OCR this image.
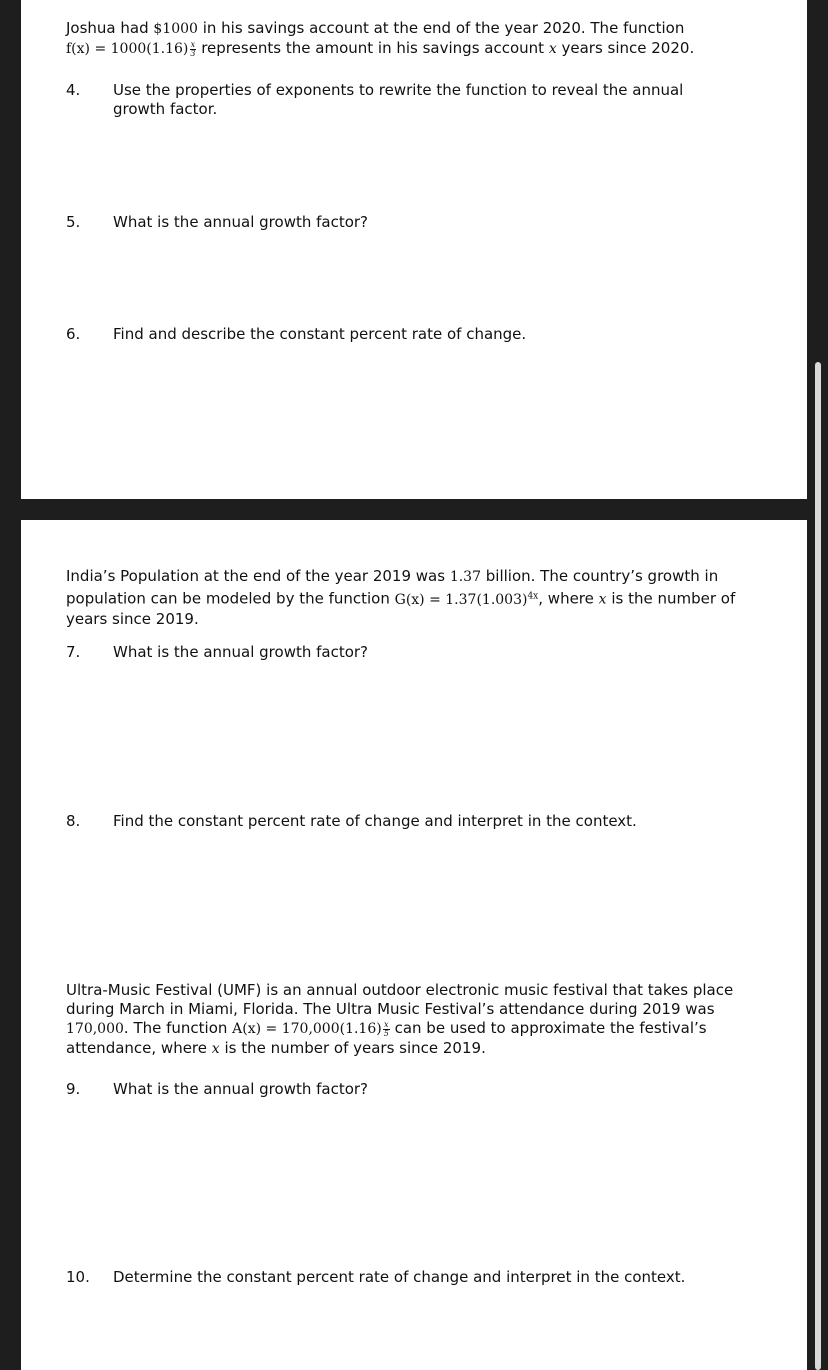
Joshua had $1000 in his savings account at the end of the year 2020. The function
$f(x) = 1000(1.16) \frac{x}{3}$ represents the amount in his savings account x years since 2020.

4.	Use the properties of exponents to rewrite the function to reveal the annual growth factor.
5.	What is the annual growth factor?
6.	Find and describe the constant percent rate of change.

India’s Population at the end of the year 2019 was 1.37 billion. The country’s growth in population can be modeled by the function $G(x) = 1.37(1.003)^{4x}$, where x is the number of years since 2019.

7.	What is the annual growth factor?
8.	Find the constant percent rate of change and interpret in the context.

Ultra-Music Festival (UMF) is an annual outdoor electronic music festival that takes place during March in Miami, Florida. The Ultra Music Festival’s attendance during 2019 was 170,000. The function $A(x) = 170,000(1.16) \frac{x}{5}$ can be used to approximate the festival’s attendance, where x is the number of years since 2019.

9.	What is the annual growth factor?
10.	Determine the constant percent rate of change and interpret in the context.
